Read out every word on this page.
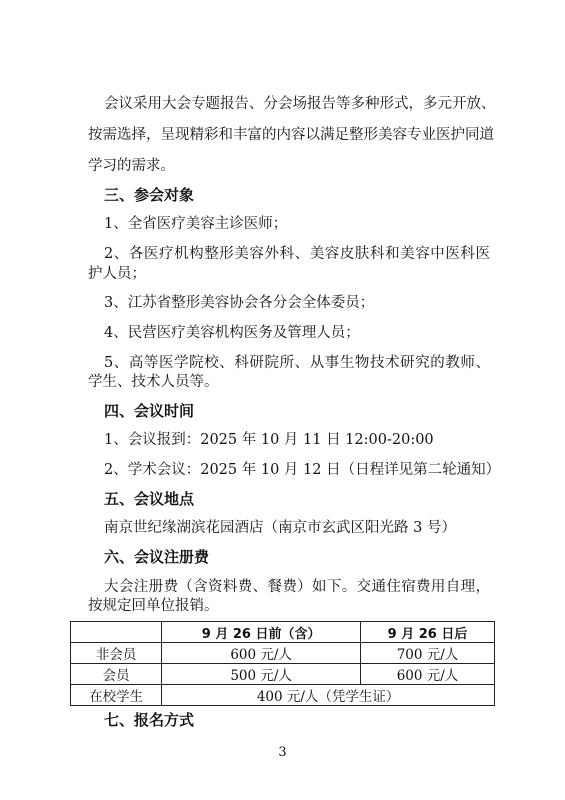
会议采用大会专题报告、分会场报告等多种形式，多元开放、
按需选择，呈现精彩和丰富的内容以满足整形美容专业医护同道
学习的需求。
三、参会对象
1、全省医疗美容主诊医师；
2、各医疗机构整形美容外科、美容皮肤科和美容中医科医
护人员；
3、江苏省整形美容协会各分会全体委员；
4、民营医疗美容机构医务及管理人员；
5、高等医学院校、科研院所、从事生物技术研究的教师、
学生、技术人员等。
四、会议时间
1、会议报到：2025 年 10 月 11 日 12:00-20:00
2、学术会议：2025 年 10 月 12 日（日程详见第二轮通知）
五、会议地点
南京世纪缘湖滨花园酒店（南京市玄武区阳光路 3 号）
六、会议注册费
大会注册费（含资料费、餐费）如下。交通住宿费用自理，
按规定回单位报销。
	9 月 26 日前（含）	9 月 26 日后
非会员	600 元/人	700 元/人
会员	500 元/人	600 元/人
在校学生	400 元/人（凭学生证）	
七、报名方式
3
